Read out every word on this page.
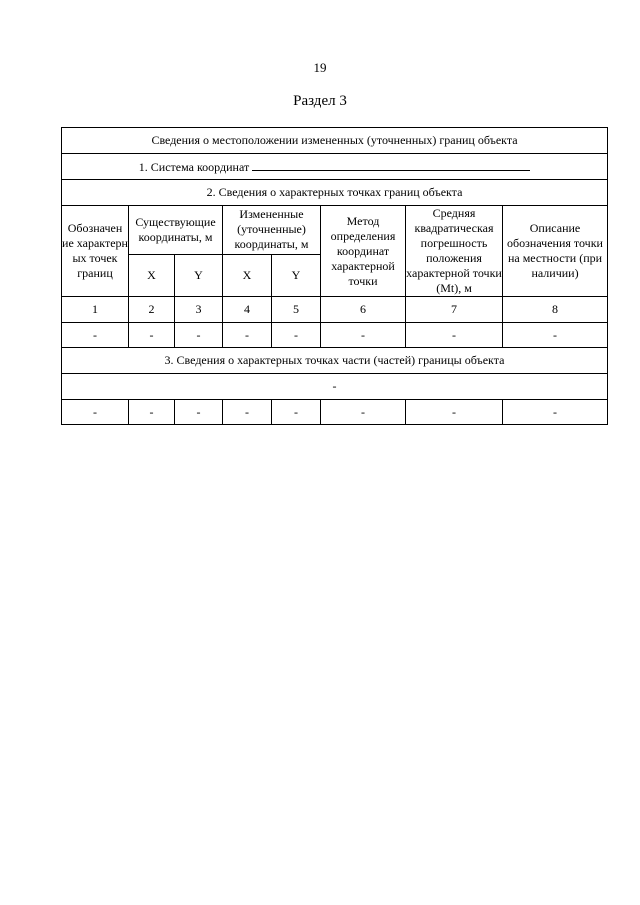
19
Раздел 3
Сведения о местоположении измененных (уточненных) границ объекта							
1. Система координат							
2. Сведения о характерных точках границ объекта							
Обозначен ие характерн ых точек границ	Существующие координаты, м		Измененные (уточненные) координаты, м		Метод определения координат характерной точки	Средняя квадратическая погрешность положения характерной точки (Mt), м	Описание обозначения точки на местности (при наличии)
	X	Y	X	Y			
1	2	3	4	5	6	7	8
-	-	-	-	-	-	-	-
3. Сведения о характерных точках части (частей) границы объекта							
-							
-	-	-	-	-	-	-	-
